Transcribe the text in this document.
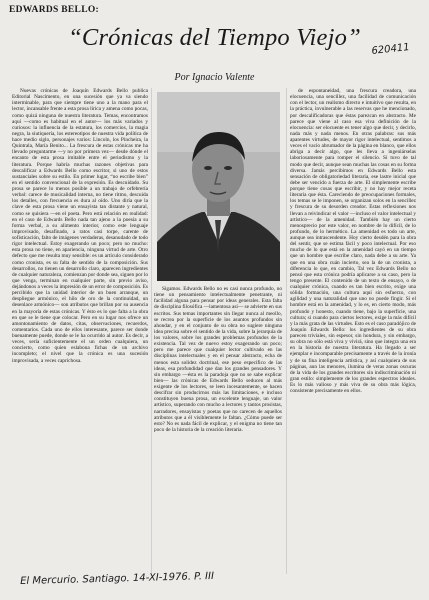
EDWARDS BELLO:
“Crónicas del Tiempo Viejo” 620411
Por Ignacio Valente

Nuevas crónicas de Joaquín Edwards Bello publica Editorial Nascimento, en una sucesión que ya va siendo interminable, para que siempre tiene uno a la mano para el lector, incansable frente a esta prosa lírica y amena como pocas, como quizá ninguna de nuestra literatura. Temas, encontramos aquí —como es habitual en el autor— los más variados y curiosos: la influencia de la estatura, los comercios, la magia negra, la siutiquería, los estereotipos de nuestra vida política de hace medio siglo, personajes varios: Lincoln, los Pincheira, la Quintrala, María Benito... La frescura de estas crónicas me ha llevado preguntarme —y no por primera vez— desde dónde el encanto de esta prosa imitable entre el periodismo y la literatura. Porque habría muchas razones objetivas para descalificar a Edwards Bello como escritor, si uno de estos sustanciales sobre su estilo. En primer lugar, “no escribe bien” en el sentido convencional de la expresión. Es descuidado. Su prosa se parece lo menos posible a un trabajo de orfebrería verbal: carece de musicalidad interna, no tiene ritmo, descuida los detalles, con frecuencia es dura al oído. Uno diría que la clave de esta prosa viene un ensayista tan distante y natural, como se quisiera —en el poeta. Pero está relación en realidad: en el caso de Edwards Bello nada tan ajeno a la poesía a su forma verbal, a su alimento interior, como este lenguaje improvisado, desafinado, a ratos casi torpe, carente de sofisticación, falto de imágenes verdaderas, desanudado de todo rigor intelectual. Estoy exagerando un poco; pero no mucho: esta prosa no tiene, en apariencia, ninguna virtud de arte. Otro defecto que me resulta muy sensible: es un artículo considerado como cronista, es su falta de sentido de la composición. Sus desarrollos, no tienen un desarrollo claro, aparecen ingredientes de cualquier naturaleza, comienzan por donde sea, siguen por lo que venga, terminan en cualquier parte, sin previo aviso, dejándonos a veces la impresión de un error de composición. Es percibido que la unidad interior de un buen arranque, un despliegue armónico, el hilo de oro de la continuidad, un desenlace armónico— son atributos que brillan por su ausencia en la mayoría de estas crónicas. Y ésto es lo que falta a la obra en que se le tiene que colocar. Pero en su lugar nos ofrece un amontonamiento de datos, citas, observaciones, recuerdos, comentarios. Cada uno de ellos interesante, parece ser donde buenamente puede, donde se le ha ocurrido al autor. Es decir, a veces, sería suficientemente el un orden cualquiera, un concierto, como quien eslabona fichas de un archivo incompleto; el nivel que la crónica es una sucesión improvisada, a veces caprichosa.

Sigamos. Edwards Bello no es casi nunca profundo, no tiene un pensamiento intelectualmente penetrante, ni facilidad alguna para pensar por ideas generales. Esta falta de disciplina filosófica —lamentosa así— se advierte en sus escritos. Sus temas importantes sin llegar nunca al meollo, se recrea por la superficie de los asuntos profundos sin ahondar, y en el conjunto de su obra no sugiere ninguna idea precisa sobre el sentido de la vida, sobre la jerarquía de los valores, sobre los grandes problemas profundos de la existencia. Tal vez de nuevo estoy exagerando un poco; pero me parece que cualquier lector cultivado en las disciplinas intelectuales y en el pensar abstracto, echa de menos esta solidez doctrinal, ese peso específico de las ideas, esa profundidad que dan los grandes pensadores. Y sin embargo —ésta es la paradoja que no se sabe explicar bien— las crónicas de Edwards Bello seducen al más exigente de los lectores, se leen incesantemente, se hacen descifrar sin producirnos más las limitaciones, e incluso constituyen buena prosa, un excelente lenguaje, un valor artístico, superando con mucho a lectores y tantos prosistas, narradores, ensayistas y poetas que no carecen de aquellos atributos que a él visiblemente le faltan. ¿Cómo puede ser esto? No es nada fácil de explicar, y el enigma no tiene tan poco de la historia de la creación literaria.

de espontaneidad, una frescura creadora, una elocuencia, una sencillez, una facilidad de comunicación con el lector, un realismo directo e intuitivo que resulta, en la práctica, invulnerable a las reservas que he mencionado, por descalificadoras que éstas parezcan en abstracto. Me parece que viene al caso esa viva definición de la elocuencia: ser elocuente es tener algo que decir, y decirlo, nada más y nada menos. En otras palabras: sus más aparentes virtudes, de mayor rigor intelectual, sentimos a veces el vacío abrumador de la página en blanco, que ellos abriga a decir algo, que les lleva a ingeniárselas laboriosamente para romper el silencio. Si tuvo de tal modo que decir, aunque sean muchas las cosas en su forma diversa. Jamás percibimos en Edwards Bello esta sensación de obligatoriedad literaria, ese lastre inicial que debe ser vencido a fuerza de arte. El simplemente escribe porque tiene cosas que escribir, y no hay mejor receta literaria que ésta. Careciendo de preocupaciones formales, los temas se le imponen, se organizan solos en la sencillez y frescura de su desorden creador. Estas reflexiones nos llevan a reivindicar el valor —incluso el valor intelectual y artístico— de la amenidad. También hay un cierto menosprecio por este valor, en nombre de lo difícil, de lo profundo, de lo hermético. La amenidad es todo un arte, aunque sea intrascendente. Hoy cierto desdén para la obra del sentir, que se estima fácil y poco intelectual. Por eso mucho de lo que está en la amenidad cayó en un tiempo que un hombre que escribe claro, nada debe a su arte. Ya que en una obra cuán incierto, sea la de un cronista, a diferencia lo que, en cambio, Tal vez Edwards Bello no pensó que esta crónica podría aplicarse a su caso, pero la tengo presente. El contenido de un texto de ensayo, o de cualquier crónica, cuando es tan bien escrito, exige una sólida formación, una cultura aquí sin esfuerzo, con agilidad y una naturalidad que uno no puede fingir. Si el hombre está en la amenidad, y lo es, en cierto modo, más profundo y honesto, cuando tiene, bajo la superficie, una cultura; si cuando para ciertos lectores, exige la más difícil y la más grata de las virtudes. Esto es el caso paradójico de Joaquín Edwards Bello: los ingredientes de su obra parecen triviales, sin espesor, sin hondura, y sin embargo, su obra no sólo está viva y vivirá, sino que integra una era en la historia de nuestra literatura. Ha llegado a ser ejemplar e incomparable precisamente a través de la ironía y de su fina inteligencia artística, y así cualquiera de sus páginas, aun las menores, ilumina de veras zonas oscuras de la vida de los grandes escritores sin indiscriminación ni gran estilo: simplemente de los grandes espectros ideales. Es lo más valioso y más viva de su obra más lógica, consistente precisamente en ellos.

El Mercurio. Santiago. 14-XI-1976. P. III
